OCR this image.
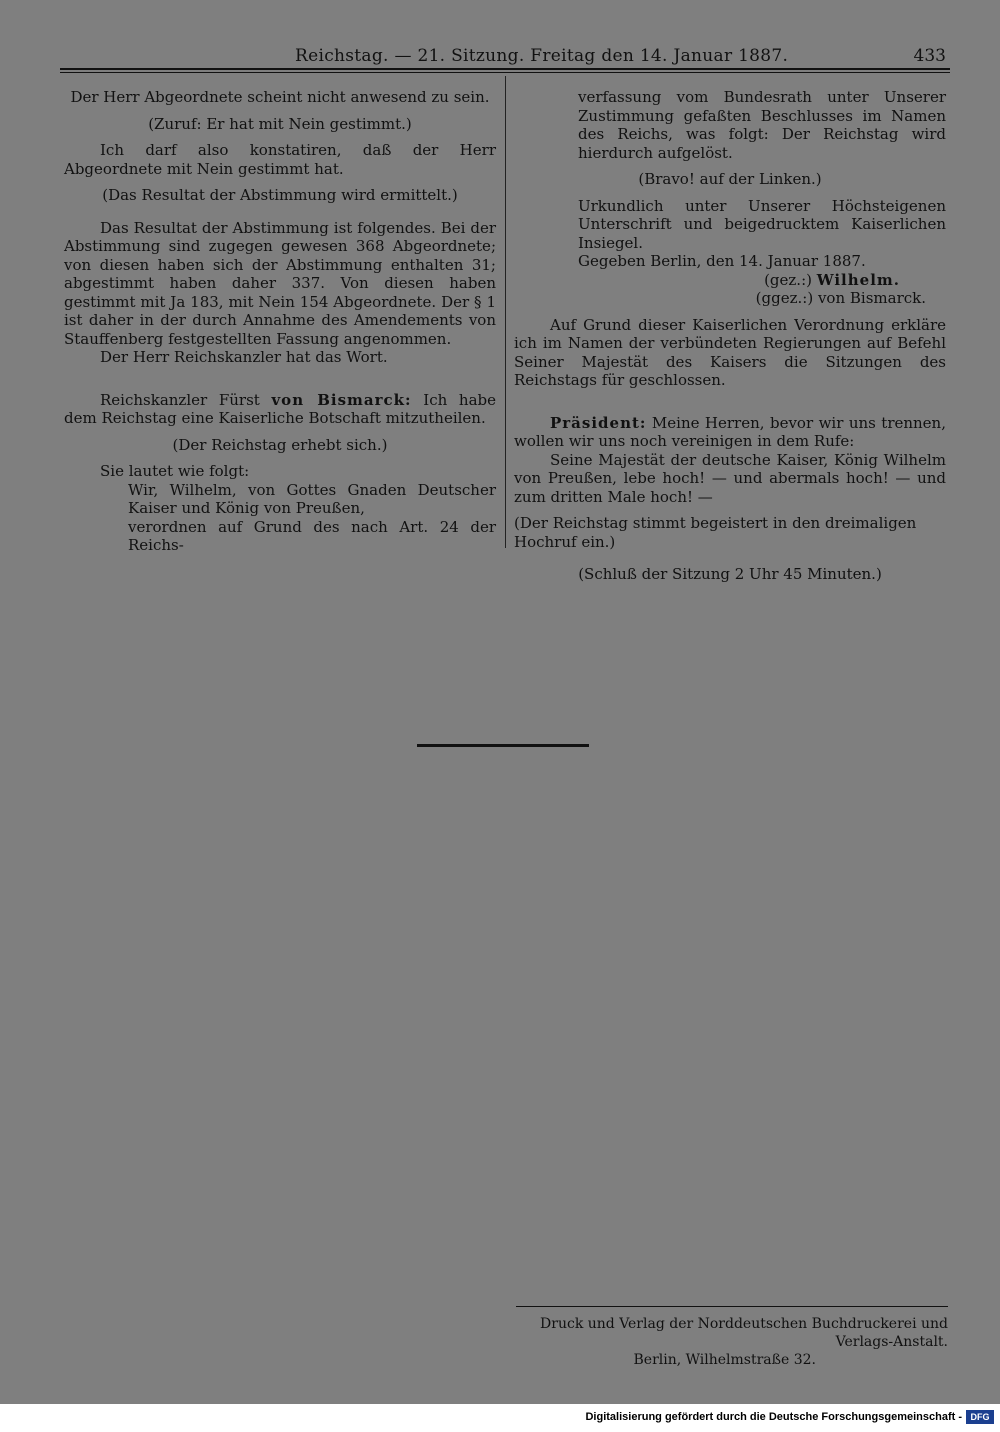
Reichstag. — 21. Sitzung. Freitag den 14. Januar 1887.	433

Der Herr Abgeordnete scheint nicht anwesend zu sein.

(Zuruf: Er hat mit Nein gestimmt.)

Ich darf also konstatiren, daß der Herr Abgeordnete mit Nein gestimmt hat.

(Das Resultat der Abstimmung wird ermittelt.)

Das Resultat der Abstimmung ist folgendes. Bei der Abstimmung sind zugegen gewesen 368 Abgeordnete; von diesen haben sich der Abstimmung enthalten 31; abgestimmt haben daher 337. Von diesen haben gestimmt mit Ja 183, mit Nein 154 Abgeordnete. Der § 1 ist daher in der durch Annahme des Amendements von Stauffenberg festgestellten Fassung angenommen.

Der Herr Reichskanzler hat das Wort.

Reichskanzler Fürst von Bismarck: Ich habe dem Reichstag eine Kaiserliche Botschaft mitzutheilen.

(Der Reichstag erhebt sich.)

Sie lautet wie folgt:

Wir, Wilhelm, von Gottes Gnaden Deutscher Kaiser und König von Preußen,

verordnen auf Grund des nach Art. 24 der Reichs-

verfassung vom Bundesrath unter Unserer Zustimmung gefaßten Beschlusses im Namen des Reichs, was folgt: Der Reichstag wird hierdurch aufgelöst.

(Bravo! auf der Linken.)

Urkundlich unter Unserer Höchsteigenen Unterschrift und beigedrucktem Kaiserlichen Insiegel.

Gegeben Berlin, den 14. Januar 1887.

(gez.:) Wilhelm.

(ggez.:) von Bismarck.

Auf Grund dieser Kaiserlichen Verordnung erkläre ich im Namen der verbündeten Regierungen auf Befehl Seiner Majestät des Kaisers die Sitzungen des Reichstags für geschlossen.

Präsident: Meine Herren, bevor wir uns trennen, wollen wir uns noch vereinigen in dem Rufe:

Seine Majestät der deutsche Kaiser, König Wilhelm von Preußen, lebe hoch! — und abermals hoch! — und zum dritten Male hoch! —

(Der Reichstag stimmt begeistert in den dreimaligen Hochruf ein.)

(Schluß der Sitzung 2 Uhr 45 Minuten.)

Druck und Verlag der Norddeutschen Buchdruckerei und Verlags-Anstalt.
Berlin, Wilhelmstraße 32.
Digitalisierung gefördert durch die Deutsche Forschungsgemeinschaft - DFG
